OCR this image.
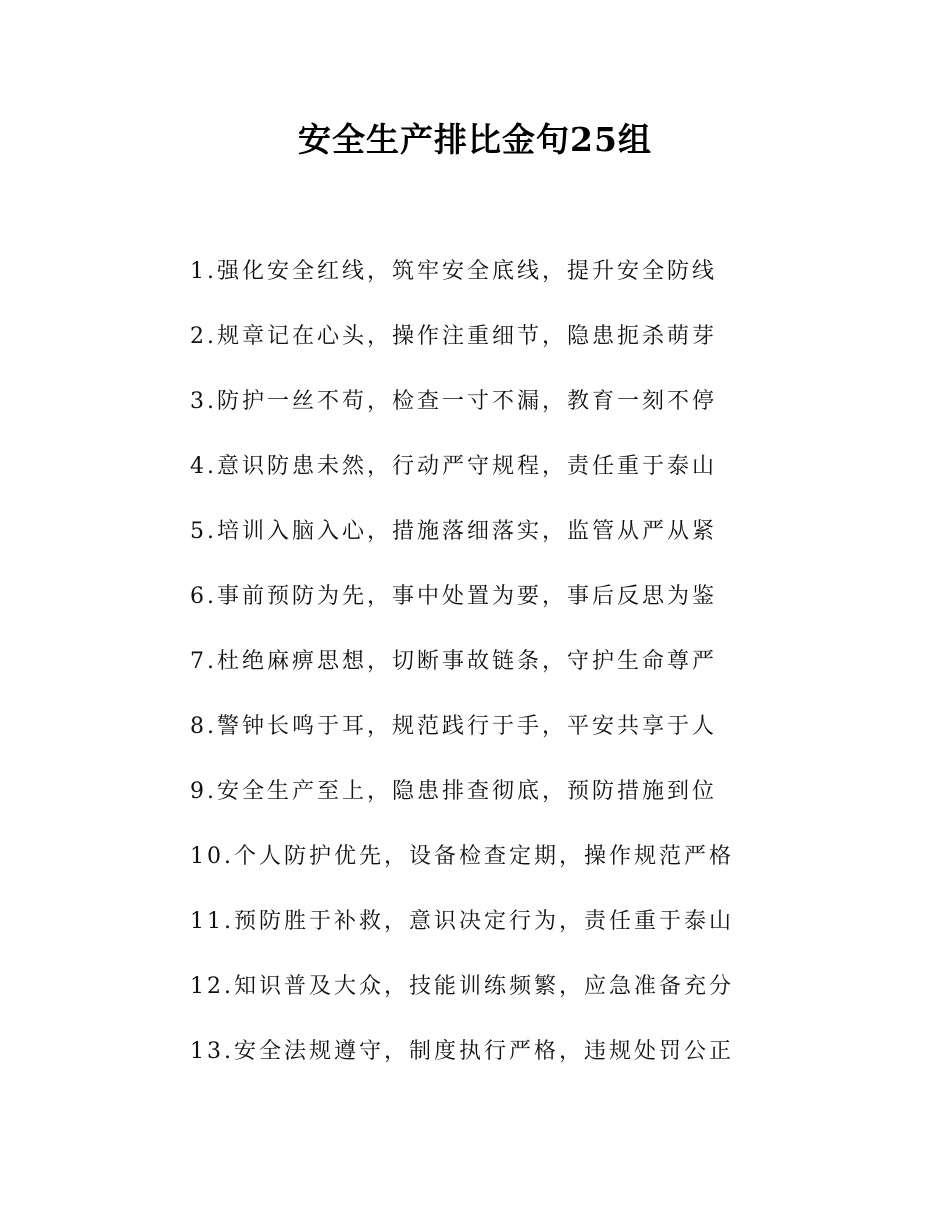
安全生产排比金句25组
1.强化安全红线，筑牢安全底线，提升安全防线
2.规章记在心头，操作注重细节，隐患扼杀萌芽
3.防护一丝不苟，检查一寸不漏，教育一刻不停
4.意识防患未然，行动严守规程，责任重于泰山
5.培训入脑入心，措施落细落实，监管从严从紧
6.事前预防为先，事中处置为要，事后反思为鉴
7.杜绝麻痹思想，切断事故链条，守护生命尊严
8.警钟长鸣于耳，规范践行于手，平安共享于人
9.安全生产至上，隐患排查彻底，预防措施到位
10.个人防护优先，设备检查定期，操作规范严格
11.预防胜于补救，意识决定行为，责任重于泰山
12.知识普及大众，技能训练频繁，应急准备充分
13.安全法规遵守，制度执行严格，违规处罚公正
